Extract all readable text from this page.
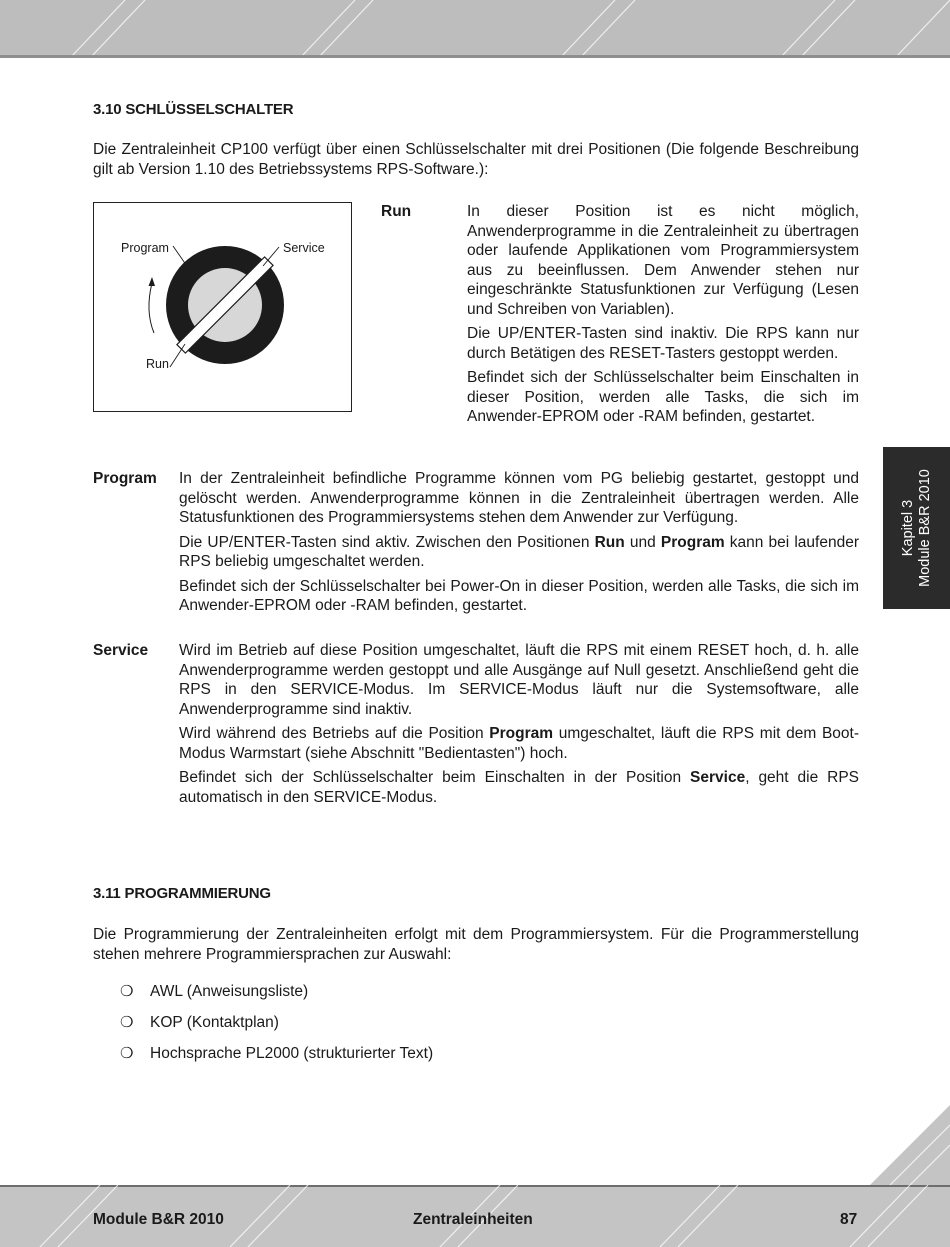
3.10 SCHLÜSSELSCHALTER

Die Zentraleinheit CP100 verfügt über einen Schlüsselschalter mit drei Positionen (Die folgende Beschreibung gilt ab Version 1.10 des Betriebssystems RPS-Software.):

Program	Service
Run
Run	In dieser Position ist es nicht möglich, Anwenderprogramme in die Zentraleinheit zu übertragen oder laufende Applikationen vom Programmiersystem aus zu beeinflussen. Dem Anwender stehen nur eingeschränkte Statusfunktionen zur Verfügung (Lesen und Schreiben von Variablen).

Die UP/ENTER-Tasten sind inaktiv. Die RPS kann nur durch Betätigen des RESET-Tasters gestoppt werden.

Befindet sich der Schlüsselschalter beim Einschalten in dieser Position, werden alle Tasks, die sich im Anwender-EPROM oder -RAM befinden, gestartet.

Program In der Zentraleinheit befindliche Programme können vom PG beliebig gestartet, gestoppt und gelöscht werden. Anwenderprogramme können in die Zentraleinheit übertragen werden. Alle Statusfunktionen des Programmiersystems stehen dem Anwender zur Verfügung.

Die UP/ENTER-Tasten sind aktiv. Zwischen den Positionen Run und Program kann bei laufender RPS beliebig umgeschaltet werden.

Befindet sich der Schlüsselschalter bei Power-On in dieser Position, werden alle Tasks, die sich im Anwender-EPROM oder -RAM befinden, gestartet.

Service Wird im Betrieb auf diese Position umgeschaltet, läuft die RPS mit einem RESET hoch, d. h. alle Anwenderprogramme werden gestoppt und alle Ausgänge auf Null gesetzt. Anschließend geht die RPS in den SERVICE-Modus. Im SERVICE-Modus läuft nur die Systemsoftware, alle Anwenderprogramme sind inaktiv.

Wird während des Betriebs auf die Position Program umgeschaltet, läuft die RPS mit dem Boot-Modus Warmstart (siehe Abschnitt "Bedientasten") hoch.

Befindet sich der Schlüsselschalter beim Einschalten in der Position Service, geht die RPS automatisch in den SERVICE-Modus.

3.11 PROGRAMMIERUNG

Die Programmierung der Zentraleinheiten erfolgt mit dem Programmiersystem. Für die Programmerstellung stehen mehrere Programmiersprachen zur Auswahl:

❍	AWL (Anweisungsliste)
❍	KOP (Kontaktplan)
❍	Hochsprache PL2000 (strukturierter Text)
Kapitel 3 Module B&R 2010
Module B&R 2010	Zentraleinheiten	87
